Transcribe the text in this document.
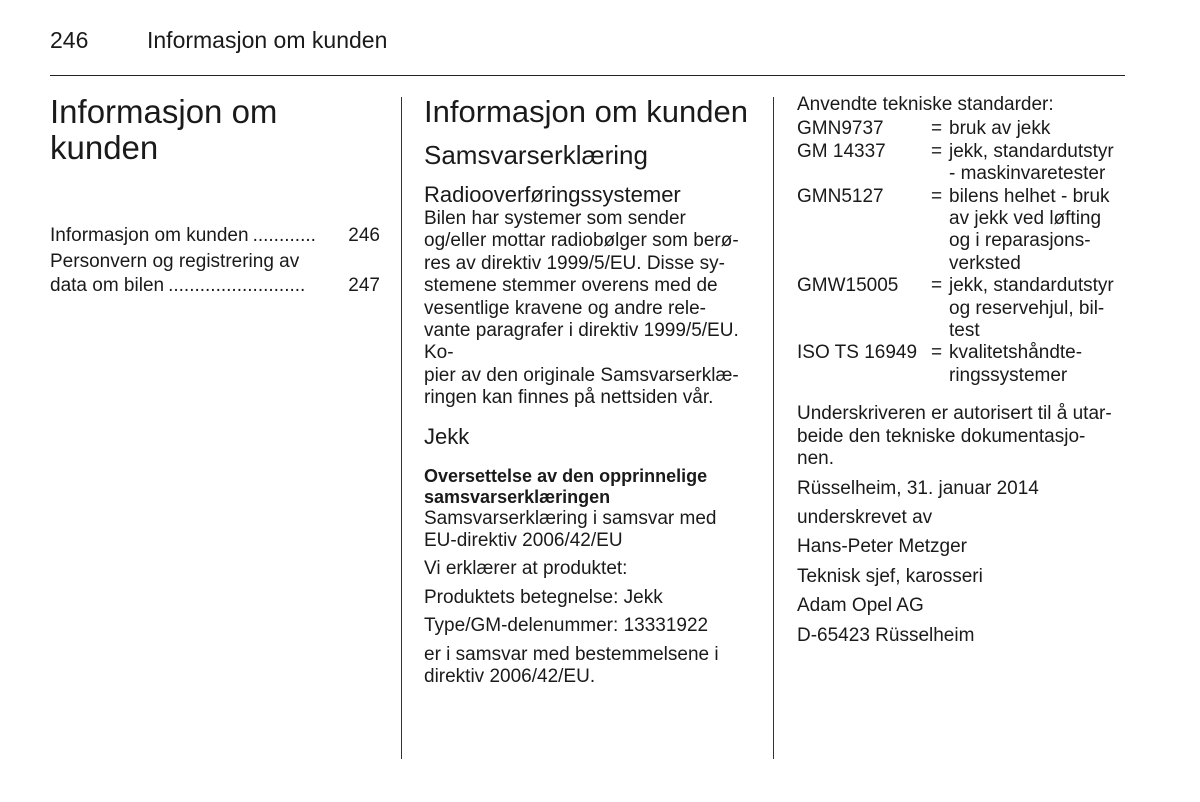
246	Informasjon om kunden
Informasjon om
kunden
Informasjon om kunden ............	246
Personvern og registrering av
data om bilen ..........................	247
Informasjon om kunden
Samsvarserklæring
Radiooverføringssystemer
Bilen har systemer som sender
og/eller mottar radiobølger som berø-
res av direktiv 1999/5/EU. Disse sy-
stemene stemmer overens med de
vesentlige kravene og andre rele-
vante paragrafer i direktiv 1999/5/EU. Ko-
pier av den originale Samsvarserklæ-
ringen kan finnes på nettsiden vår.
Jekk
Oversettelse av den opprinnelige
samsvarserklæringen
Samsvarserklæring i samsvar med
EU-direktiv 2006/42/EU
Vi erklærer at produktet:
Produktets betegnelse: Jekk
Type/GM-delenummer: 13331922
er i samsvar med bestemmelsene i
direktiv 2006/42/EU.
Anvendte tekniske standarder:
GMN9737	= bruk av jekk
GM 14337	= jekk, standardutstyr
- maskinvaretester
GMN5127	= bilens helhet - bruk
av jekk ved løfting
og i reparasjons-
verksted
GMW15005	= jekk, standardutstyr
og reservehjul, bil-
test
ISO TS 16949 = kvalitetshåndte-
ringssystemer
Underskriveren er autorisert til å utar-
beide den tekniske dokumentasjo-
nen.
Rüsselheim, 31. januar 2014
underskrevet av
Hans-Peter Metzger
Teknisk sjef, karosseri
Adam Opel AG
D-65423 Rüsselheim
